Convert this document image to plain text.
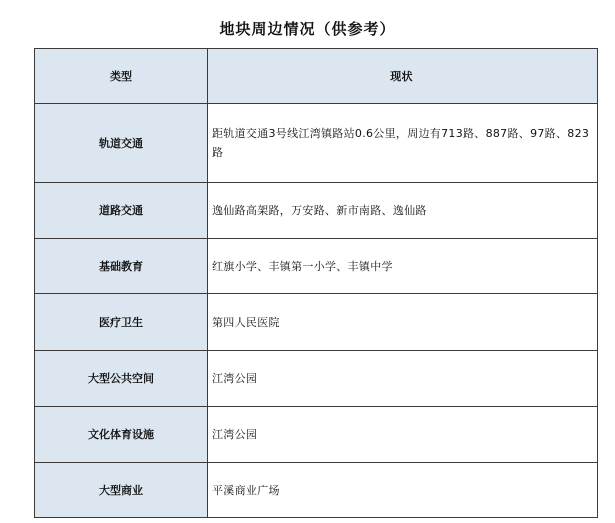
地块周边情况（供参考）
类型	现状
轨道交通	距轨道交通3号线江湾镇路站0.6公里，周边有713路、887路、97路、823路
道路交通	逸仙路高架路，万安路、新市南路、逸仙路
基础教育	红旗小学、丰镇第一小学、丰镇中学
医疗卫生	第四人民医院
大型公共空间	江湾公园
文化体育设施	江湾公园
大型商业	平溪商业广场
